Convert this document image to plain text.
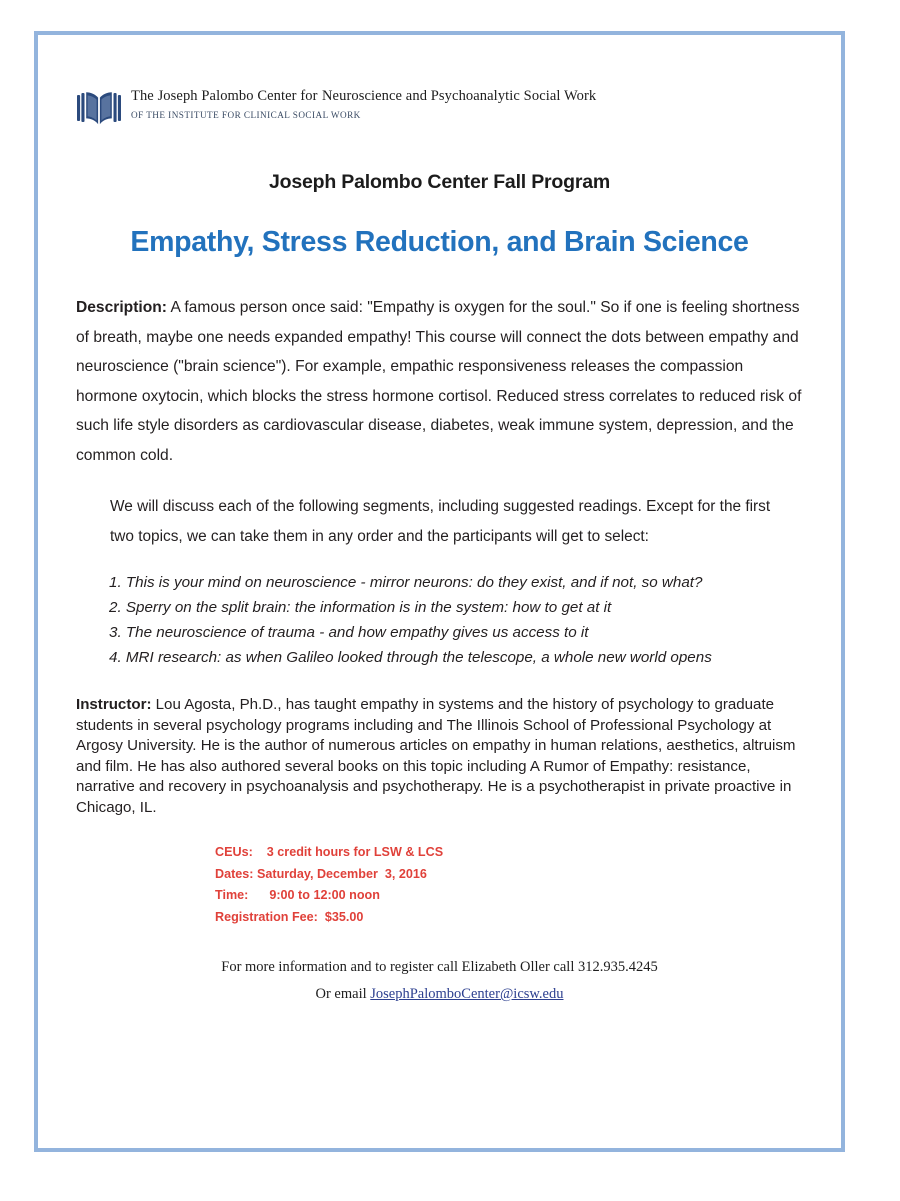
The Joseph Palombo Center for Neuroscience and Psychoanalytic Social Work OF THE INSTITUTE FOR CLINICAL SOCIAL WORK
Joseph Palombo Center Fall Program
Empathy, Stress Reduction, and Brain Science

Description: A famous person once said: "Empathy is oxygen for the soul." So if one is feeling shortness of breath, maybe one needs expanded empathy! This course will connect the dots between empathy and neuroscience ("brain science"). For example, empathic responsiveness releases the compassion hormone oxytocin, which blocks the stress hormone cortisol. Reduced stress correlates to reduced risk of such life style disorders as cardiovascular disease, diabetes, weak immune system, depression, and the common cold.

We will discuss each of the following segments, including suggested readings. Except for the first two topics, we can take them in any order and the participants will get to select:

1. This is your mind on neuroscience - mirror neurons: do they exist, and if not, so what?
2. Sperry on the split brain: the information is in the system: how to get at it
3. The neuroscience of trauma - and how empathy gives us access to it
4. MRI research: as when Galileo looked through the telescope, a whole new world opens

Instructor: Lou Agosta, Ph.D., has taught empathy in systems and the history of psychology to graduate students in several psychology programs including and The Illinois School of Professional Psychology at Argosy University. He is the author of numerous articles on empathy in human relations, aesthetics, altruism and film. He has also authored several books on this topic including A Rumor of Empathy: resistance, narrative and recovery in psychoanalysis and psychotherapy. He is a psychotherapist in private proactive in Chicago, IL.

CEUs:    3 credit hours for LSW & LCS
Dates: Saturday, December  3, 2016
Time:      9:00 to 12:00 noon
Registration Fee:  $35.00
For more information and to register call Elizabeth Oller call 312.935.4245
Or email JosephPalomboCenter@icsw.edu
